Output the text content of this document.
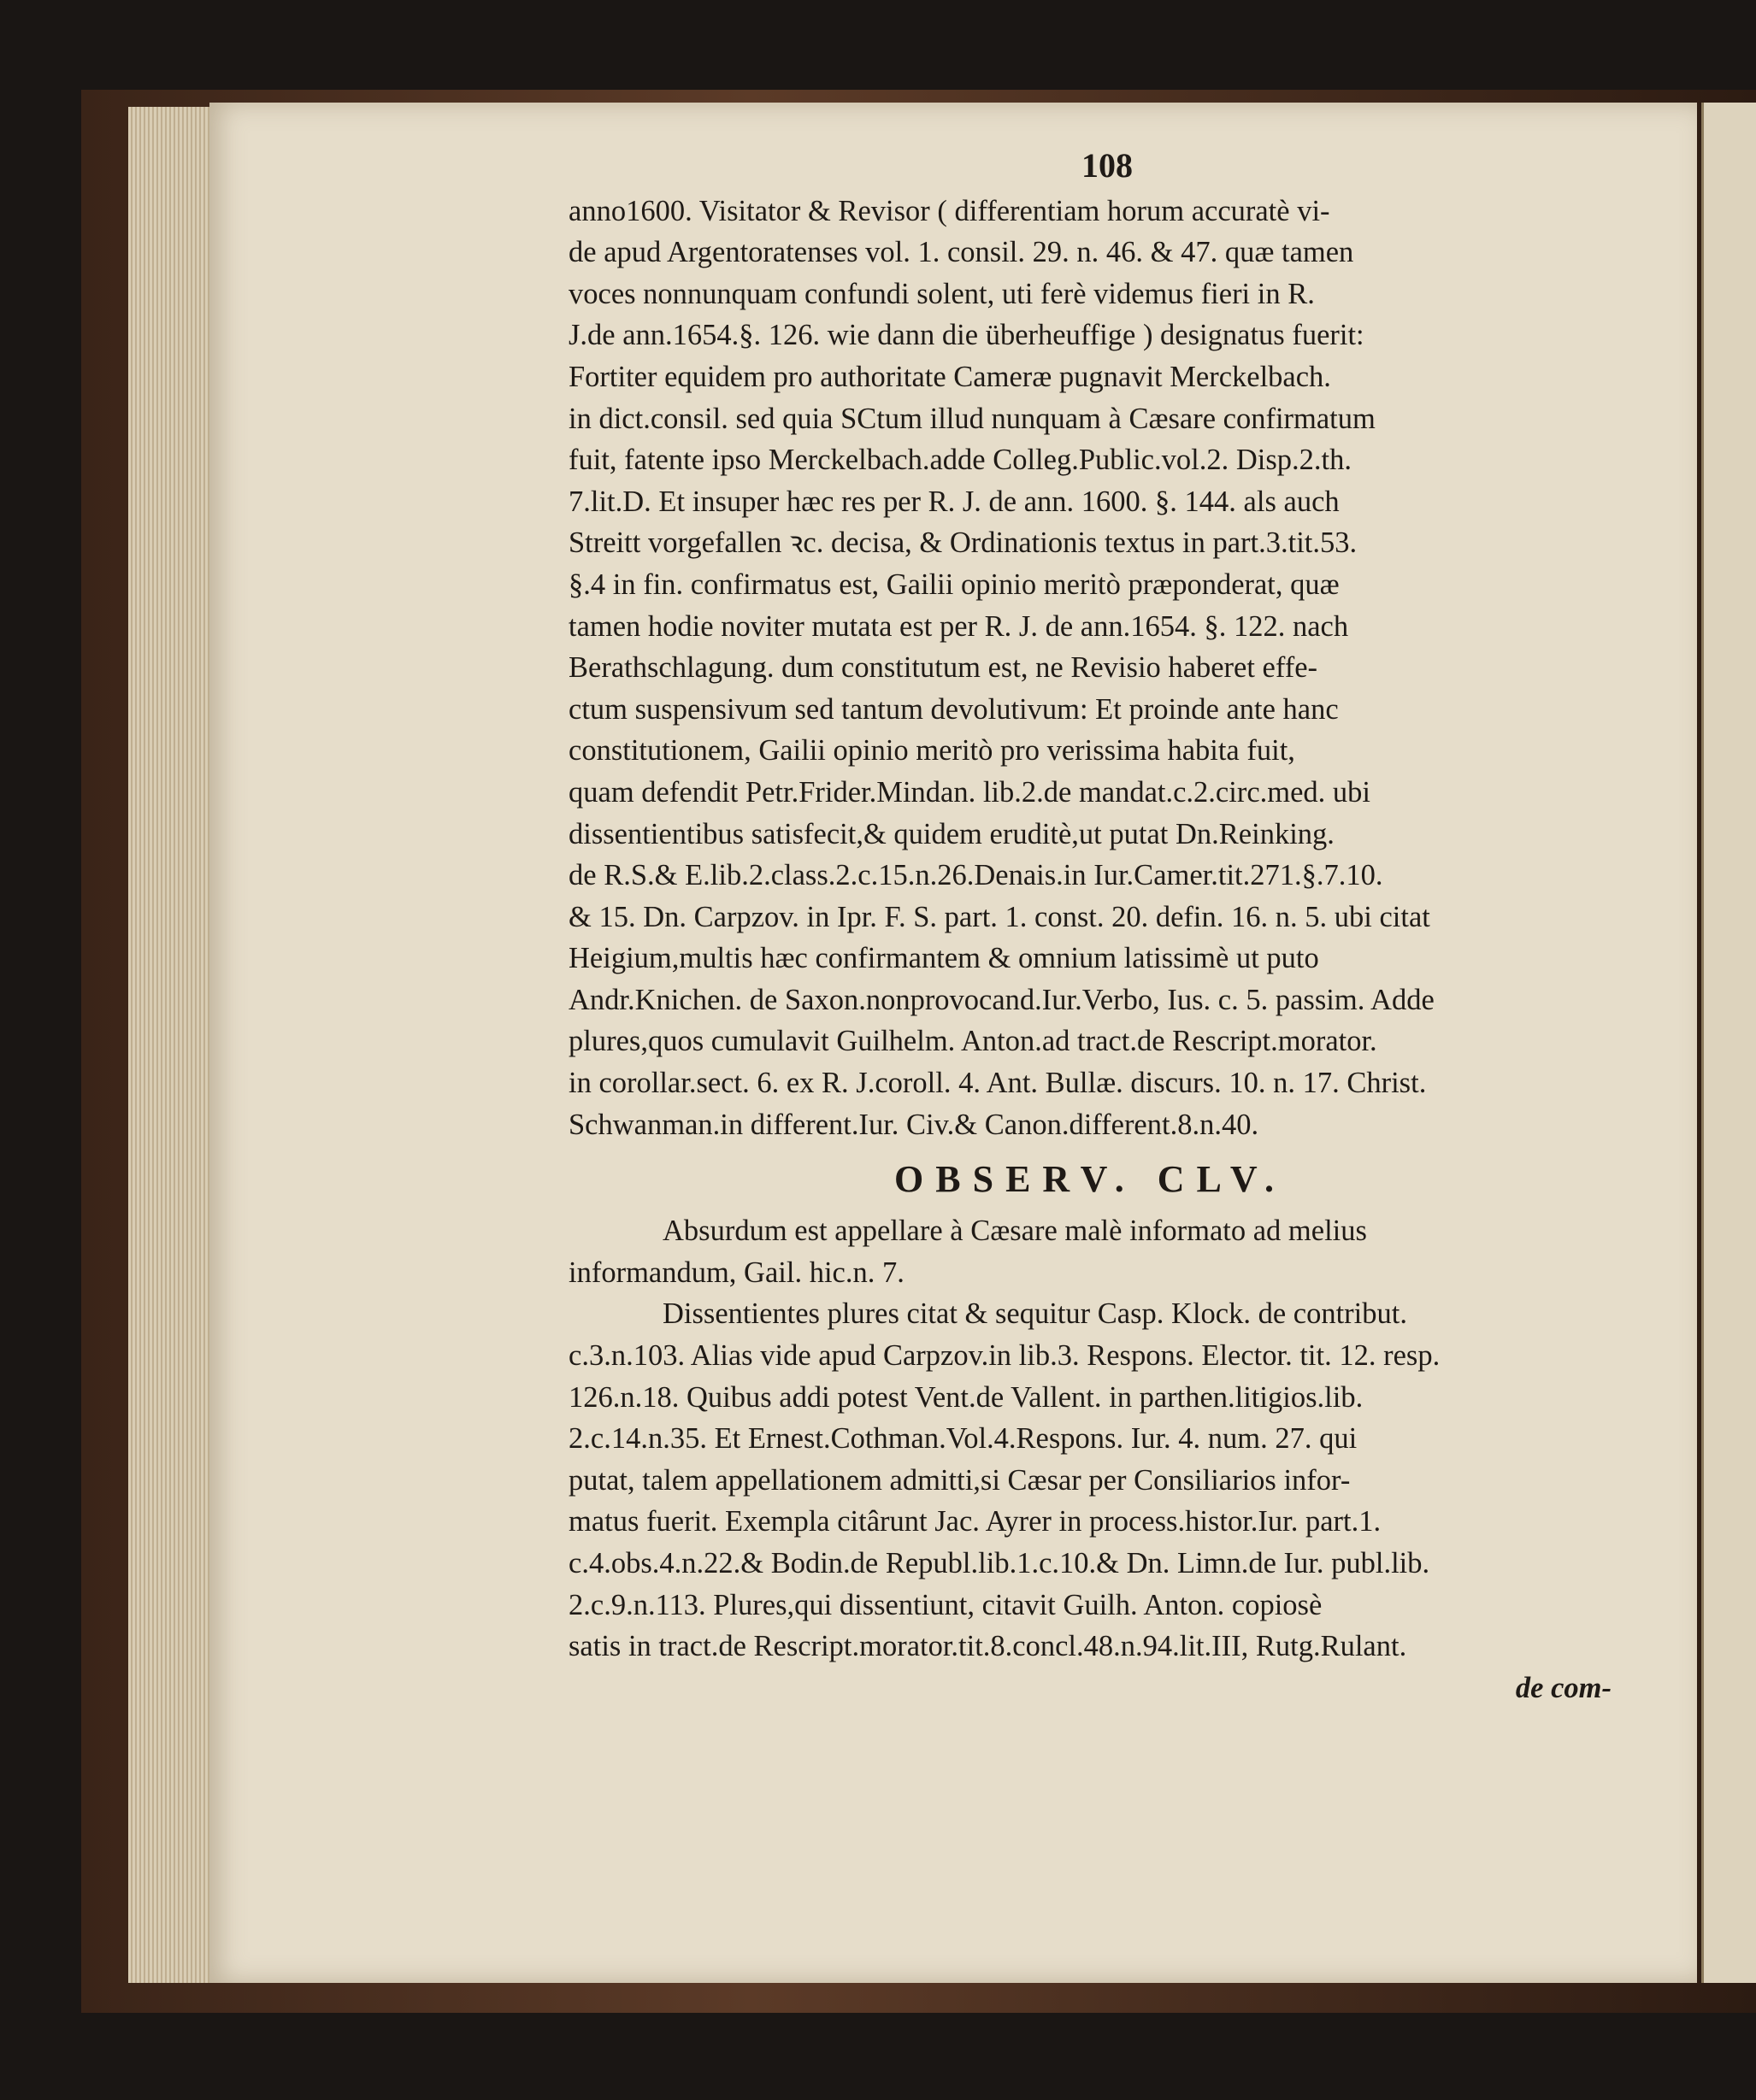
108
anno1600. Visitator & Revisor ( differentiam horum accuratè vi-
de apud Argentoratenses vol. 1. consil. 29. n. 46. & 47. quæ tamen
voces nonnunquam confundi solent, uti ferè videmus fieri in R.
J.de ann.1654.§. 126. wie dann die überheuffige ) designatus fuerit:
Fortiter equidem pro authoritate Cameræ pugnavit Merckelbach.
in dict.consil. sed quia SCtum illud nunquam à Cæsare confirmatum
fuit, fatente ipso Merckelbach.adde Colleg.Public.vol.2. Disp.2.th.
7.lit.D. Et insuper hæc res per R. J. de ann. 1600. §. 144. als auch
Streitt vorgefallen ꝛc. decisa, & Ordinationis textus in part.3.tit.53.
§.4 in fin. confirmatus est, Gailii opinio meritò præponderat, quæ
tamen hodie noviter mutata est per R. J. de ann.1654. §. 122. nach
Berathschlagung. dum constitutum est, ne Revisio haberet effe-
ctum suspensivum sed tantum devolutivum: Et proinde ante hanc
constitutionem, Gailii opinio meritò pro verissima habita fuit,
quam defendit Petr.Frider.Mindan. lib.2.de mandat.c.2.circ.med. ubi
dissentientibus satisfecit,& quidem eruditè,ut putat Dn.Reinking.
de R.S.& E.lib.2.class.2.c.15.n.26.Denais.in Iur.Camer.tit.271.§.7.10.
& 15. Dn. Carpzov. in Ipr. F. S. part. 1. const. 20. defin. 16. n. 5. ubi citat
Heigium,multis hæc confirmantem & omnium latissimè ut puto
Andr.Knichen. de Saxon.nonprovocand.Iur.Verbo, Ius. c. 5. passim. Adde
plures,quos cumulavit Guilhelm. Anton.ad tract.de Rescript.morator.
in corollar.sect. 6. ex R. J.coroll. 4. Ant. Bullæ. discurs. 10. n. 17. Christ.
Schwanman.in different.Iur. Civ.& Canon.different.8.n.40.
OBSERV. CLV.
Absurdum est appellare à Cæsare malè informato ad melius
informandum, Gail. hic.n. 7.
Dissentientes plures citat & sequitur Casp. Klock. de contribut.
c.3.n.103. Alias vide apud Carpzov.in lib.3. Respons. Elector. tit. 12. resp.
126.n.18. Quibus addi potest Vent.de Vallent. in parthen.litigios.lib.
2.c.14.n.35. Et Ernest.Cothman.Vol.4.Respons. Iur. 4. num. 27. qui
putat, talem appellationem admitti,si Cæsar per Consiliarios infor-
matus fuerit. Exempla citârunt Jac. Ayrer in process.histor.Iur. part.1.
c.4.obs.4.n.22.& Bodin.de Republ.lib.1.c.10.& Dn. Limn.de Iur. publ.lib.
2.c.9.n.113. Plures,qui dissentiunt, citavit Guilh. Anton. copiosè
satis in tract.de Rescript.morator.tit.8.concl.48.n.94.lit.III, Rutg.Rulant.
de com-
